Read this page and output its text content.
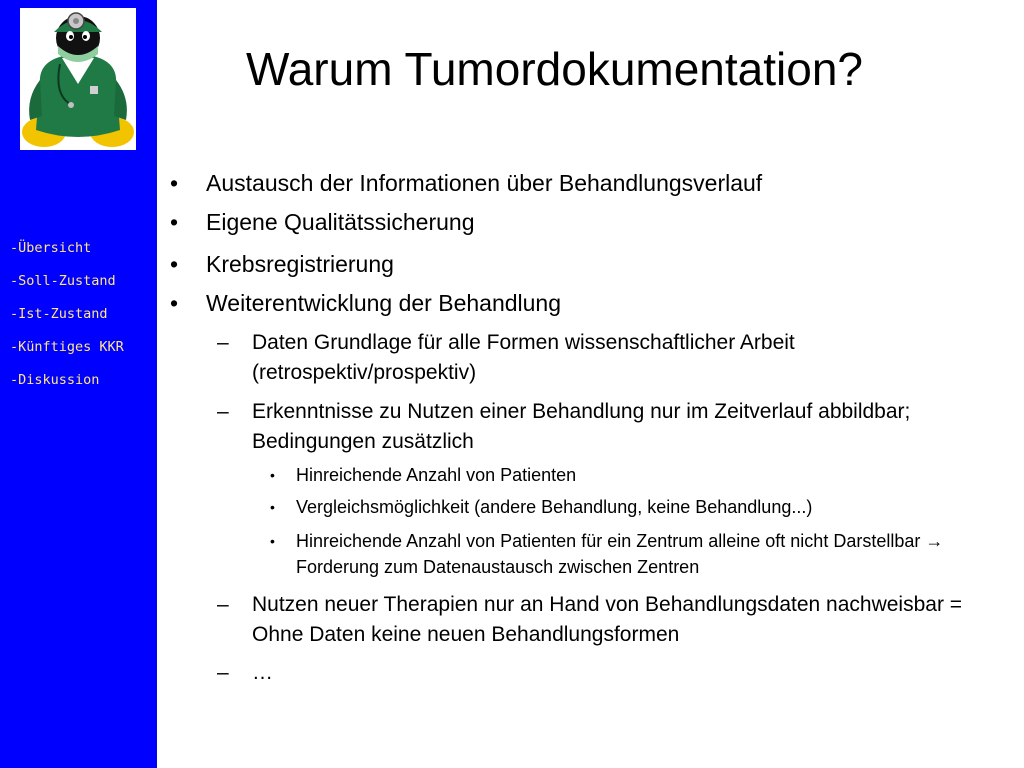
-Übersicht
-Soll-Zustand
-Ist-Zustand
-Künftiges KKR
-Diskussion
Warum Tumordokumentation?
• Austausch der Informationen über Behandlungsverlauf
• Eigene Qualitätssicherung
• Krebsregistrierung
• Weiterentwicklung der Behandlung
– Daten Grundlage für alle Formen wissenschaftlicher Arbeit (retrospektiv/prospektiv)
– Erkenntnisse zu Nutzen einer Behandlung nur im Zeitverlauf abbildbar; Bedingungen zusätzlich
• Hinreichende Anzahl von Patienten
• Vergleichsmöglichkeit (andere Behandlung, keine Behandlung...)
• Hinreichende Anzahl von Patienten für ein Zentrum alleine oft nicht Darstellbar → Forderung zum Datenaustausch zwischen Zentren
– Nutzen neuer Therapien nur an Hand von Behandlungsdaten nachweisbar = Ohne Daten keine neuen Behandlungsformen
– …
